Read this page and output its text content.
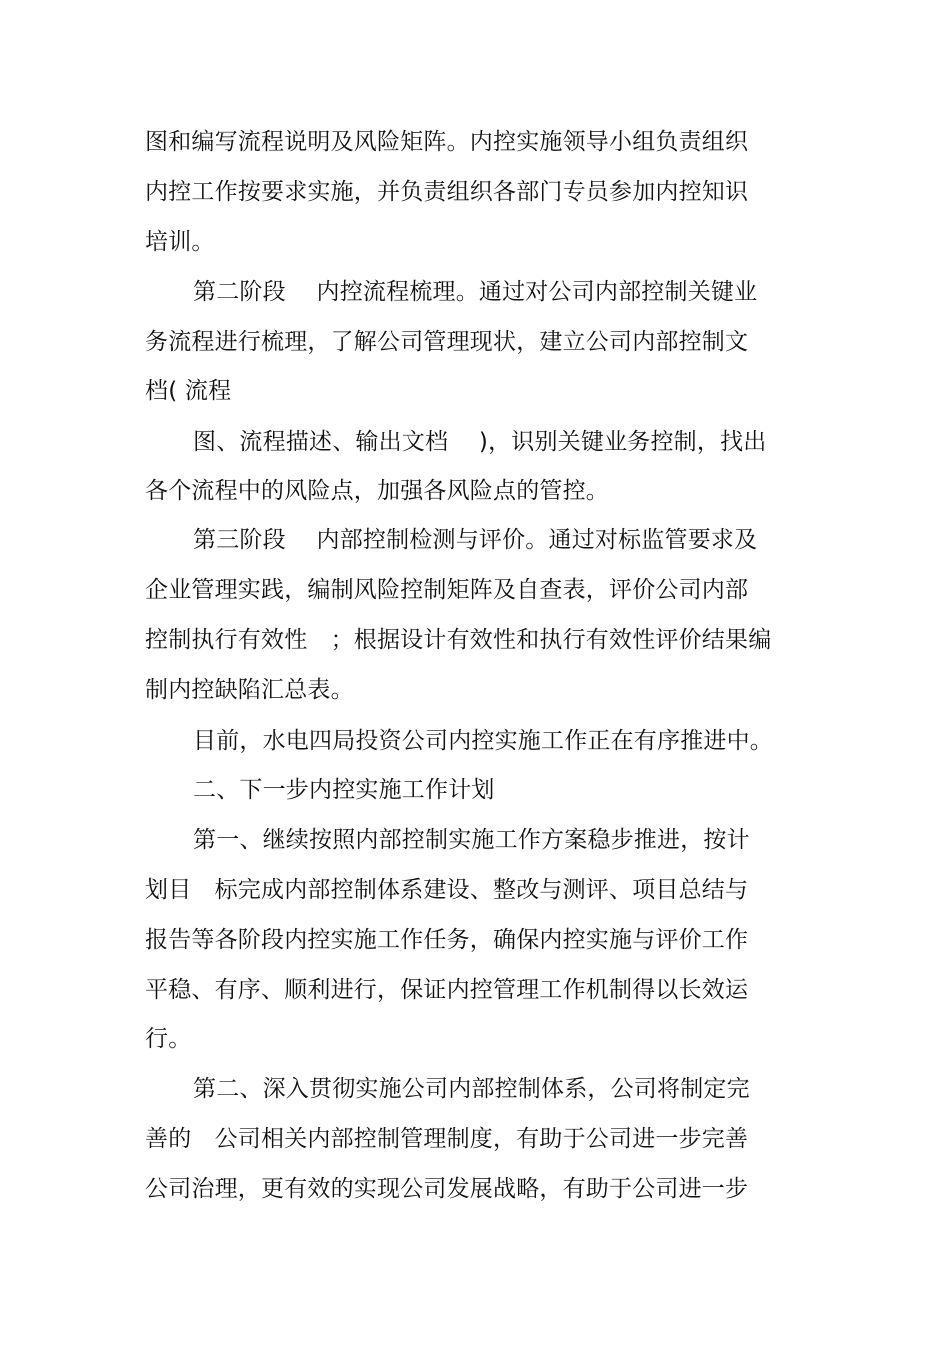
图和编写流程说明及风险矩阵。内控实施领导小组负责组织
内控工作按要求实施，并负责组织各部门专员参加内控知识
培训。
第二阶段　 内控流程梳理。通过对公司内部控制关键业
务流程进行梳理，了解公司管理现状，建立公司内部控制文
档( 流程
图、流程描述、输出文档　 )，识别关键业务控制，找出
各个流程中的风险点，加强各风险点的管控。
第三阶段　 内部控制检测与评价。通过对标监管要求及
企业管理实践，编制风险控制矩阵及自查表，评价公司内部
控制执行有效性　；根据设计有效性和执行有效性评价结果编
制内控缺陷汇总表。
目前，水电四局投资公司内控实施工作正在有序推进中。
二、下一步内控实施工作计划
第一、继续按照内部控制实施工作方案稳步推进，按计
划目　标完成内部控制体系建设、整改与测评、项目总结与
报告等各阶段内控实施工作任务，确保内控实施与评价工作
平稳、有序、顺利进行，保证内控管理工作机制得以长效运
行。
第二、深入贯彻实施公司内部控制体系，公司将制定完
善的　公司相关内部控制管理制度，有助于公司进一步完善
公司治理，更有效的实现公司发展战略，有助于公司进一步
